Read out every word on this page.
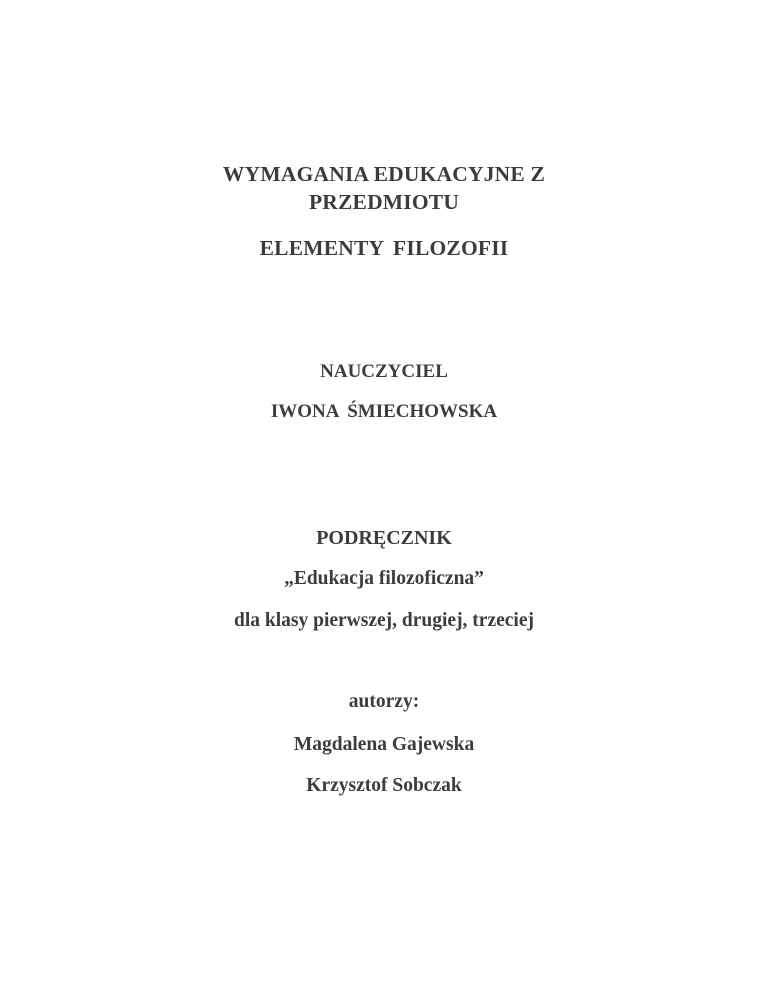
WYMAGANIA EDUKACYJNE Z
PRZEDMIOTU
ELEMENTY FILOZOFII
NAUCZYCIEL
IWONA ŚMIECHOWSKA
PODRĘCZNIK
„Edukacja filozoficzna”
dla klasy pierwszej, drugiej, trzeciej
autorzy:
Magdalena Gajewska
Krzysztof Sobczak
